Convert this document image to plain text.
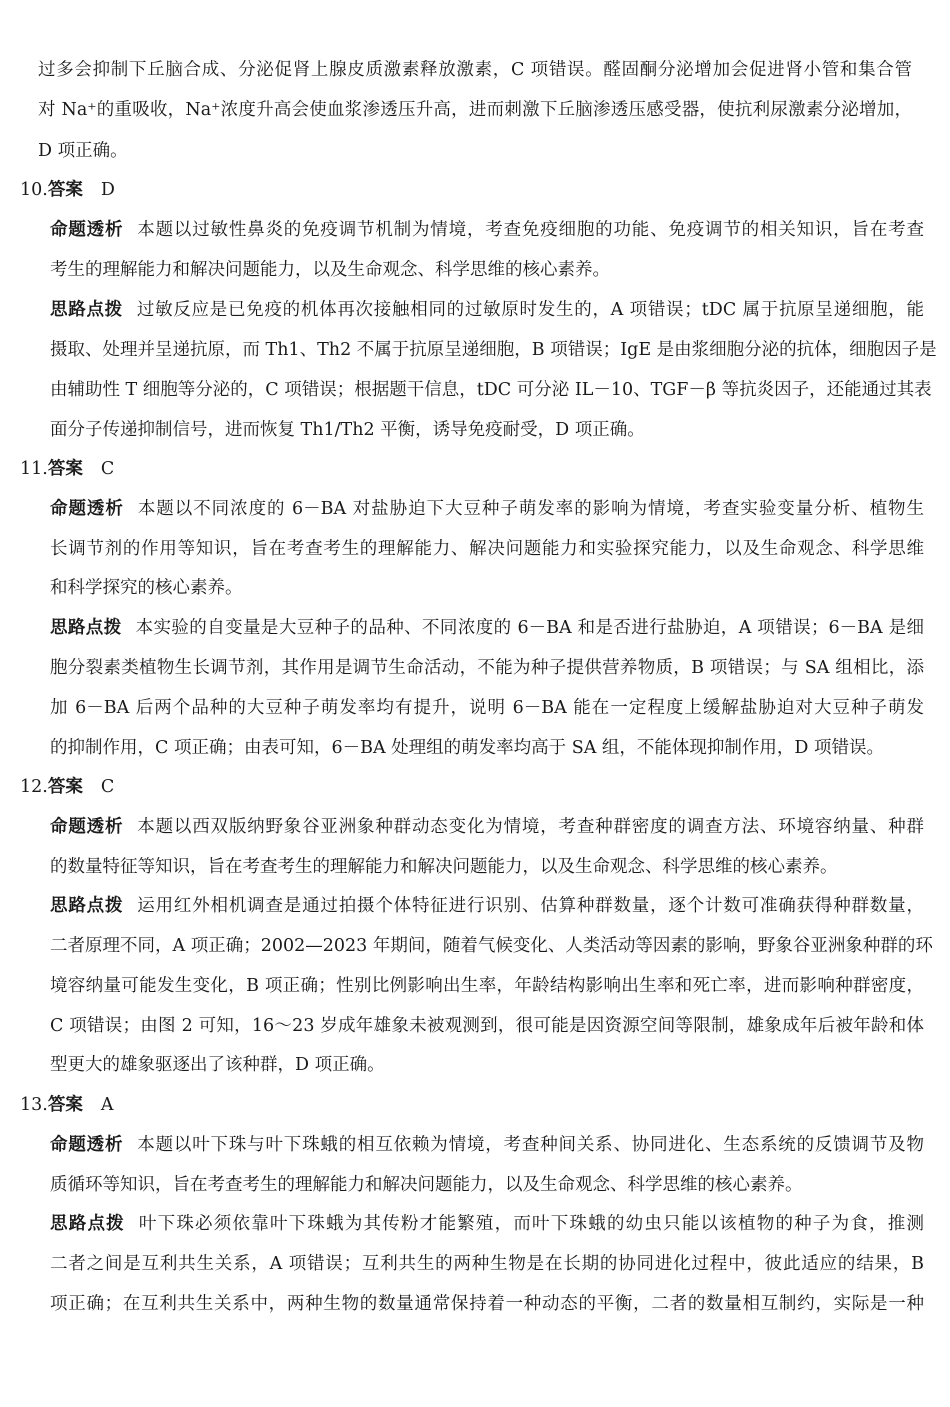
过多会抑制下丘脑合成、分泌促肾上腺皮质激素释放激素，C 项错误。醛固酮分泌增加会促进肾小管和集合管
对 Na⁺的重吸收，Na⁺浓度升高会使血浆渗透压升高，进而刺激下丘脑渗透压感受器，使抗利尿激素分泌增加，
D 项正确。
10.答案 D
命题透析 本题以过敏性鼻炎的免疫调节机制为情境，考查免疫细胞的功能、免疫调节的相关知识，旨在考查
考生的理解能力和解决问题能力，以及生命观念、科学思维的核心素养。
思路点拨 过敏反应是已免疫的机体再次接触相同的过敏原时发生的，A 项错误；tDC 属于抗原呈递细胞，能
摄取、处理并呈递抗原，而 Th1、Th2 不属于抗原呈递细胞，B 项错误；IgE 是由浆细胞分泌的抗体，细胞因子是
由辅助性 T 细胞等分泌的，C 项错误；根据题干信息，tDC 可分泌 IL－10、TGF－β 等抗炎因子，还能通过其表
面分子传递抑制信号，进而恢复 Th1/Th2 平衡，诱导免疫耐受，D 项正确。
11.答案 C
命题透析 本题以不同浓度的 6－BA 对盐胁迫下大豆种子萌发率的影响为情境，考查实验变量分析、植物生
长调节剂的作用等知识，旨在考查考生的理解能力、解决问题能力和实验探究能力，以及生命观念、科学思维
和科学探究的核心素养。
思路点拨 本实验的自变量是大豆种子的品种、不同浓度的 6－BA 和是否进行盐胁迫，A 项错误；6－BA 是细
胞分裂素类植物生长调节剂，其作用是调节生命活动，不能为种子提供营养物质，B 项错误；与 SA 组相比，添
加 6－BA 后两个品种的大豆种子萌发率均有提升，说明 6－BA 能在一定程度上缓解盐胁迫对大豆种子萌发
的抑制作用，C 项正确；由表可知，6－BA 处理组的萌发率均高于 SA 组，不能体现抑制作用，D 项错误。
12.答案 C
命题透析 本题以西双版纳野象谷亚洲象种群动态变化为情境，考查种群密度的调查方法、环境容纳量、种群
的数量特征等知识，旨在考查考生的理解能力和解决问题能力，以及生命观念、科学思维的核心素养。
思路点拨 运用红外相机调查是通过拍摄个体特征进行识别、估算种群数量，逐个计数可准确获得种群数量，
二者原理不同，A 项正确；2002—2023 年期间，随着气候变化、人类活动等因素的影响，野象谷亚洲象种群的环
境容纳量可能发生变化，B 项正确；性别比例影响出生率，年龄结构影响出生率和死亡率，进而影响种群密度，
C 项错误；由图 2 可知，16～23 岁成年雄象未被观测到，很可能是因资源空间等限制，雄象成年后被年龄和体
型更大的雄象驱逐出了该种群，D 项正确。
13.答案 A
命题透析 本题以叶下珠与叶下珠蛾的相互依赖为情境，考查种间关系、协同进化、生态系统的反馈调节及物
质循环等知识，旨在考查考生的理解能力和解决问题能力，以及生命观念、科学思维的核心素养。
思路点拨 叶下珠必须依靠叶下珠蛾为其传粉才能繁殖，而叶下珠蛾的幼虫只能以该植物的种子为食，推测
二者之间是互利共生关系，A 项错误；互利共生的两种生物是在长期的协同进化过程中，彼此适应的结果，B
项正确；在互利共生关系中，两种生物的数量通常保持着一种动态的平衡，二者的数量相互制约，实际是一种
